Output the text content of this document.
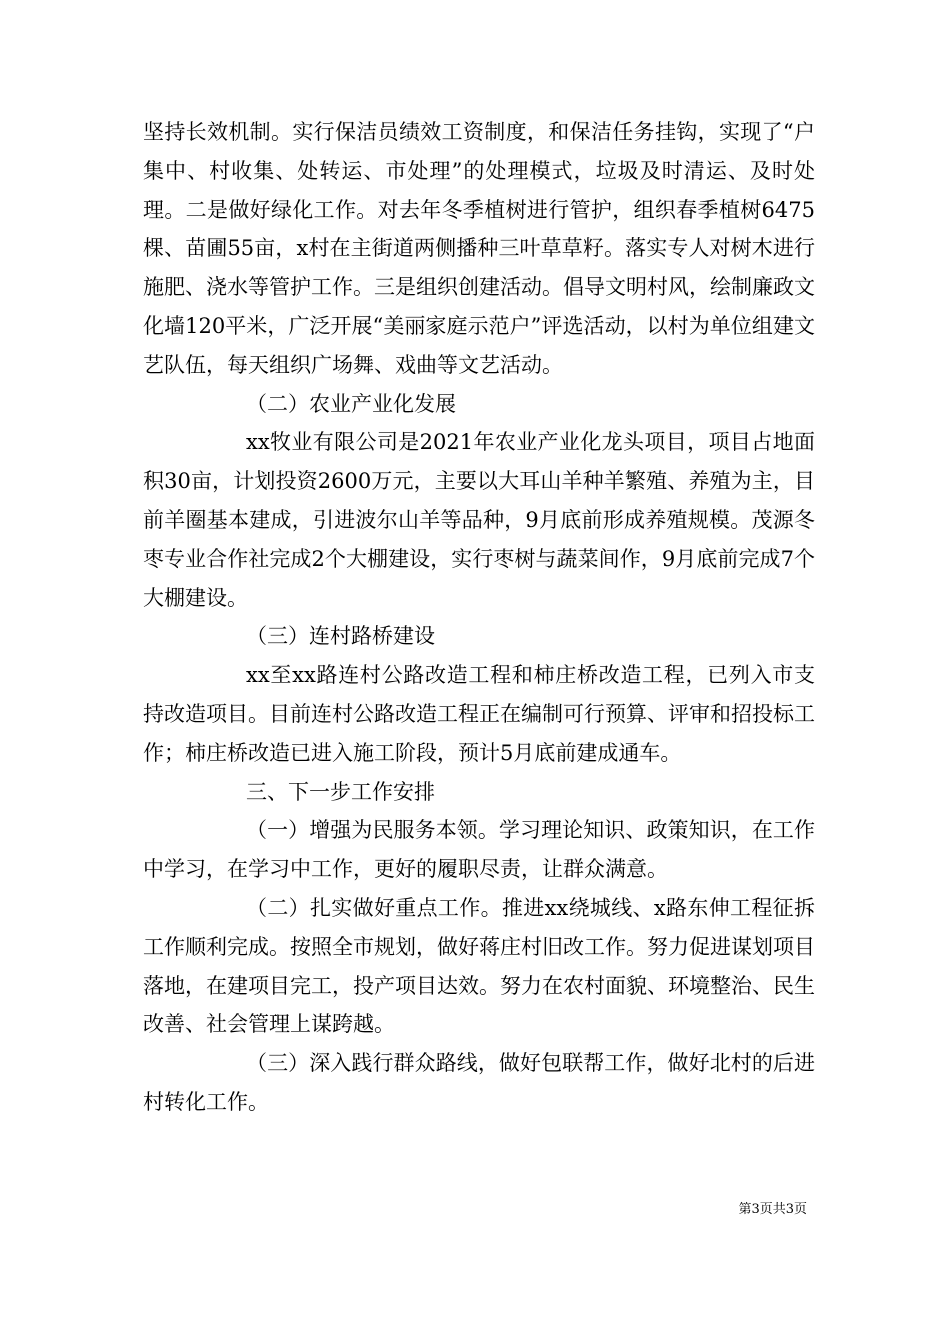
坚持长效机制。实行保洁员绩效工资制度，和保洁任务挂钩，实现了“户集中、村收集、处转运、市处理”的处理模式，垃圾及时清运、及时处理。二是做好绿化工作。对去年冬季植树进行管护，组织春季植树6475棵、苗圃55亩，x村在主街道两侧播种三叶草草籽。落实专人对树木进行施肥、浇水等管护工作。三是组织创建活动。倡导文明村风，绘制廉政文化墙120平米，广泛开展“美丽家庭示范户”评选活动，以村为单位组建文艺队伍，每天组织广场舞、戏曲等文艺活动。

（二）农业产业化发展

xx牧业有限公司是2021年农业产业化龙头项目，项目占地面积30亩，计划投资2600万元，主要以大耳山羊种羊繁殖、养殖为主，目前羊圈基本建成，引进波尔山羊等品种，9月底前形成养殖规模。茂源冬枣专业合作社完成2个大棚建设，实行枣树与蔬菜间作，9月底前完成7个大棚建设。

（三）连村路桥建设

xx至xx路连村公路改造工程和柿庄桥改造工程，已列入市支持改造项目。目前连村公路改造工程正在编制可行预算、评审和招投标工作；柿庄桥改造已进入施工阶段，预计5月底前建成通车。

三、下一步工作安排

（一）增强为民服务本领。学习理论知识、政策知识，在工作中学习，在学习中工作，更好的履职尽责，让群众满意。

（二）扎实做好重点工作。推进xx绕城线、x路东伸工程征拆工作顺利完成。按照全市规划，做好蒋庄村旧改工作。努力促进谋划项目落地，在建项目完工，投产项目达效。努力在农村面貌、环境整治、民生改善、社会管理上谋跨越。

（三）深入践行群众路线，做好包联帮工作，做好北村的后进村转化工作。

第3页共3页
